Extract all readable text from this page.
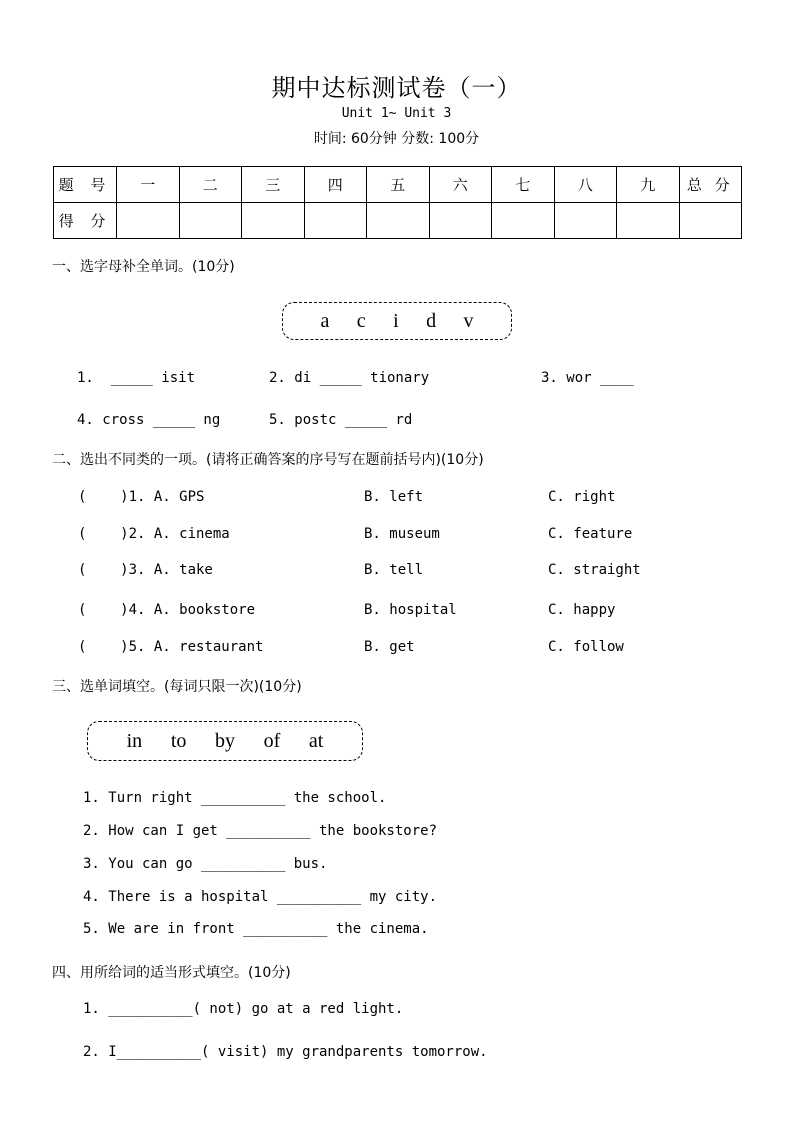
期中达标测试卷（一）
Unit 1~ Unit 3
时间: 60分钟 分数: 100分
题 号	一	二	三	四	五	六	七	八	九	总 分
得 分										
一、选字母补全单词。(10分)
a c i d v
1.  _____ isit	2. di _____ tionary	3. wor ____
4. cross _____ ng	5. postc _____ rd
二、选出不同类的一项。(请将正确答案的序号写在题前括号内)(10分)
(    )1. A. GPS	B. left	C. right
(    )2. A. cinema	B. museum	C. feature
(    )3. A. take	B. tell	C. straight
(    )4. A. bookstore	B. hospital	C. happy
(    )5. A. restaurant	B. get	C. follow
三、选单词填空。(每词只限一次)(10分)
in to by of at
1. Turn right __________ the school.
2. How can I get __________ the bookstore?
3. You can go __________ bus.
4. There is a hospital __________ my city.
5. We are in front __________ the cinema.
四、用所给词的适当形式填空。(10分)
1. __________( not) go at a red light.
2. I__________( visit) my grandparents tomorrow.
